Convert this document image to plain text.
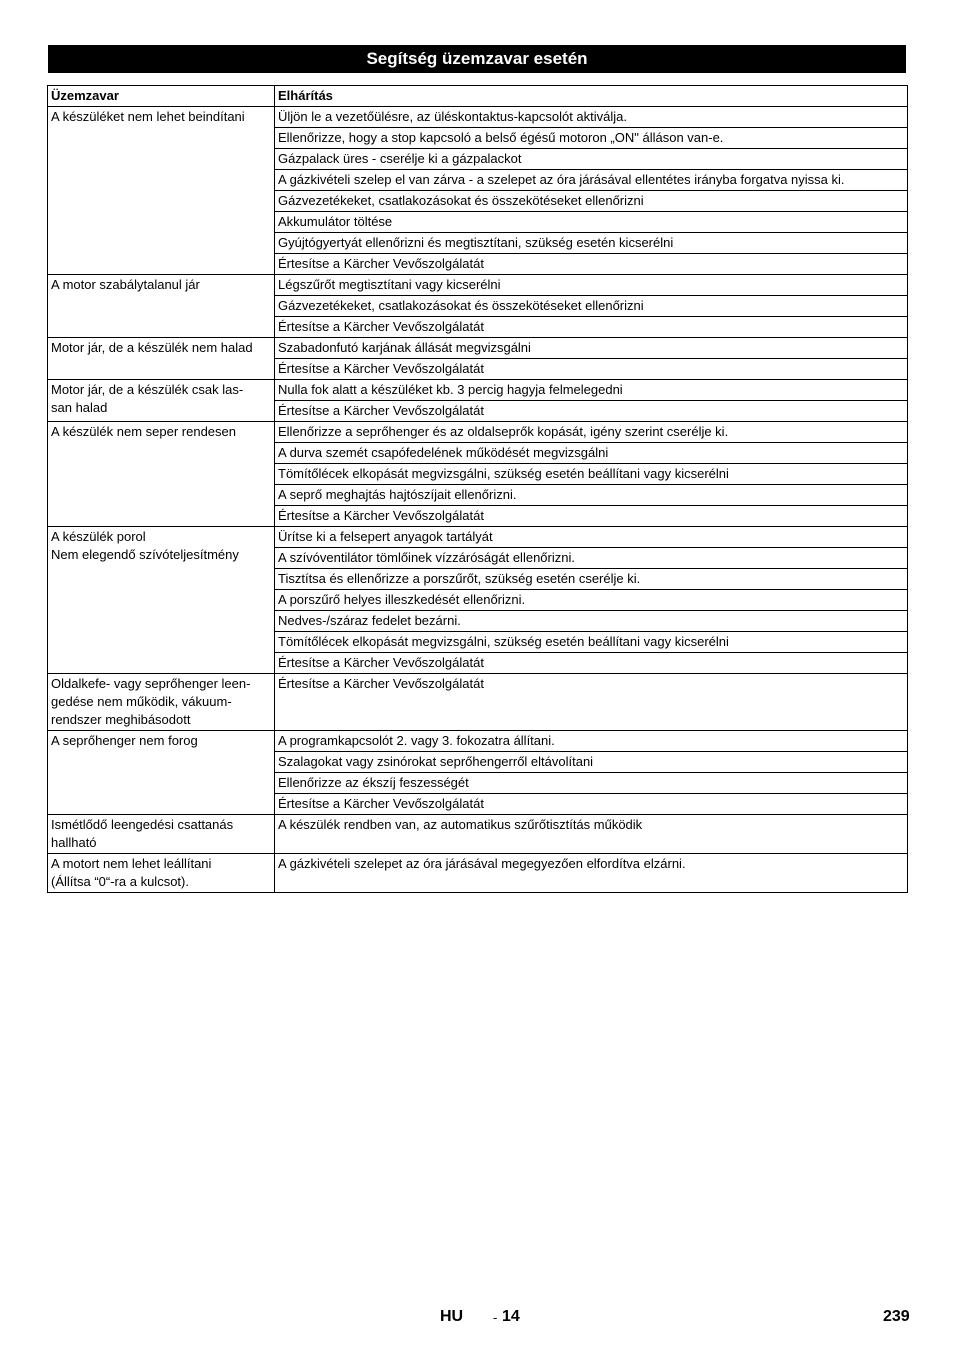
Segítség üzemzavar esetén
Üzemzavar	Elhárítás

A készüléket nem lehet beindítani	Üljön le a vezetőülésre, az üléskontaktus-kapcsolót aktiválja.
	Ellenőrizze, hogy a stop kapcsoló a belső égésű motoron „ON" álláson van-e.
	Gázpalack üres - cserélje ki a gázpalackot
	A gázkivételi szelep el van zárva - a szelepet az óra járásával ellentétes irányba forgatva nyissa ki.
	Gázvezetékeket, csatlakozásokat és összekötéseket ellenőrizni
	Akkumulátor töltése
	Gyújtógyertyát ellenőrizni és megtisztítani, szükség esetén kicserélni
	Értesítse a Kärcher Vevőszolgálatát

A motor szabálytalanul jár	Légszűrőt megtisztítani vagy kicserélni
	Gázvezetékeket, csatlakozásokat és összekötéseket ellenőrizni
	Értesítse a Kärcher Vevőszolgálatát

Motor jár, de a készülék nem halad	Szabadonfutó karjának állását megvizsgálni
	Értesítse a Kärcher Vevőszolgálatát

Motor jár, de a készülék csak las-
san halad	Nulla fok alatt a készüléket kb. 3 percig hagyja felmelegedni
	Értesítse a Kärcher Vevőszolgálatát

A készülék nem seper rendesen	Ellenőrizze a seprőhenger és az oldalseprők kopását, igény szerint cserélje ki.
	A durva szemét csapófedelének működését megvizsgálni
	Tömítőlécek elkopását megvizsgálni, szükség esetén beállítani vagy kicserélni
	A seprő meghajtás hajtószíjait ellenőrizni.
	Értesítse a Kärcher Vevőszolgálatát

A készülék porol
Nem elegendő szívóteljesítmény	Ürítse ki a felsepert anyagok tartályát
	A szívóventilátor tömlőinek vízzáróságát ellenőrizni.
	Tisztítsa és ellenőrizze a porszűrőt, szükség esetén cserélje ki.
	A porszűrő helyes illeszkedését ellenőrizni.
	Nedves-/száraz fedelet bezárni.
	Tömítőlécek elkopását megvizsgálni, szükség esetén beállítani vagy kicserélni
	Értesítse a Kärcher Vevőszolgálatát

Oldalkefe- vagy seprőhenger leen-
gedése nem működik, vákuum-
rendszer meghibásodott	Értesítse a Kärcher Vevőszolgálatát

A seprőhenger nem forog	A programkapcsolót 2. vagy 3. fokozatra állítani.
	Szalagokat vagy zsinórokat seprőhengerről eltávolítani
	Ellenőrizze az ékszíj feszességét
	Értesítse a Kärcher Vevőszolgálatát

Ismétlődő leengedési csattanás
hallható	A készülék rendben van, az automatikus szűrőtisztítás működik

A motort nem lehet leállítani
(Állítsa “0“-ra a kulcsot).	A gázkivételi szelepet az óra járásával megegyezően elfordítva elzárni.
HU - 14	239
